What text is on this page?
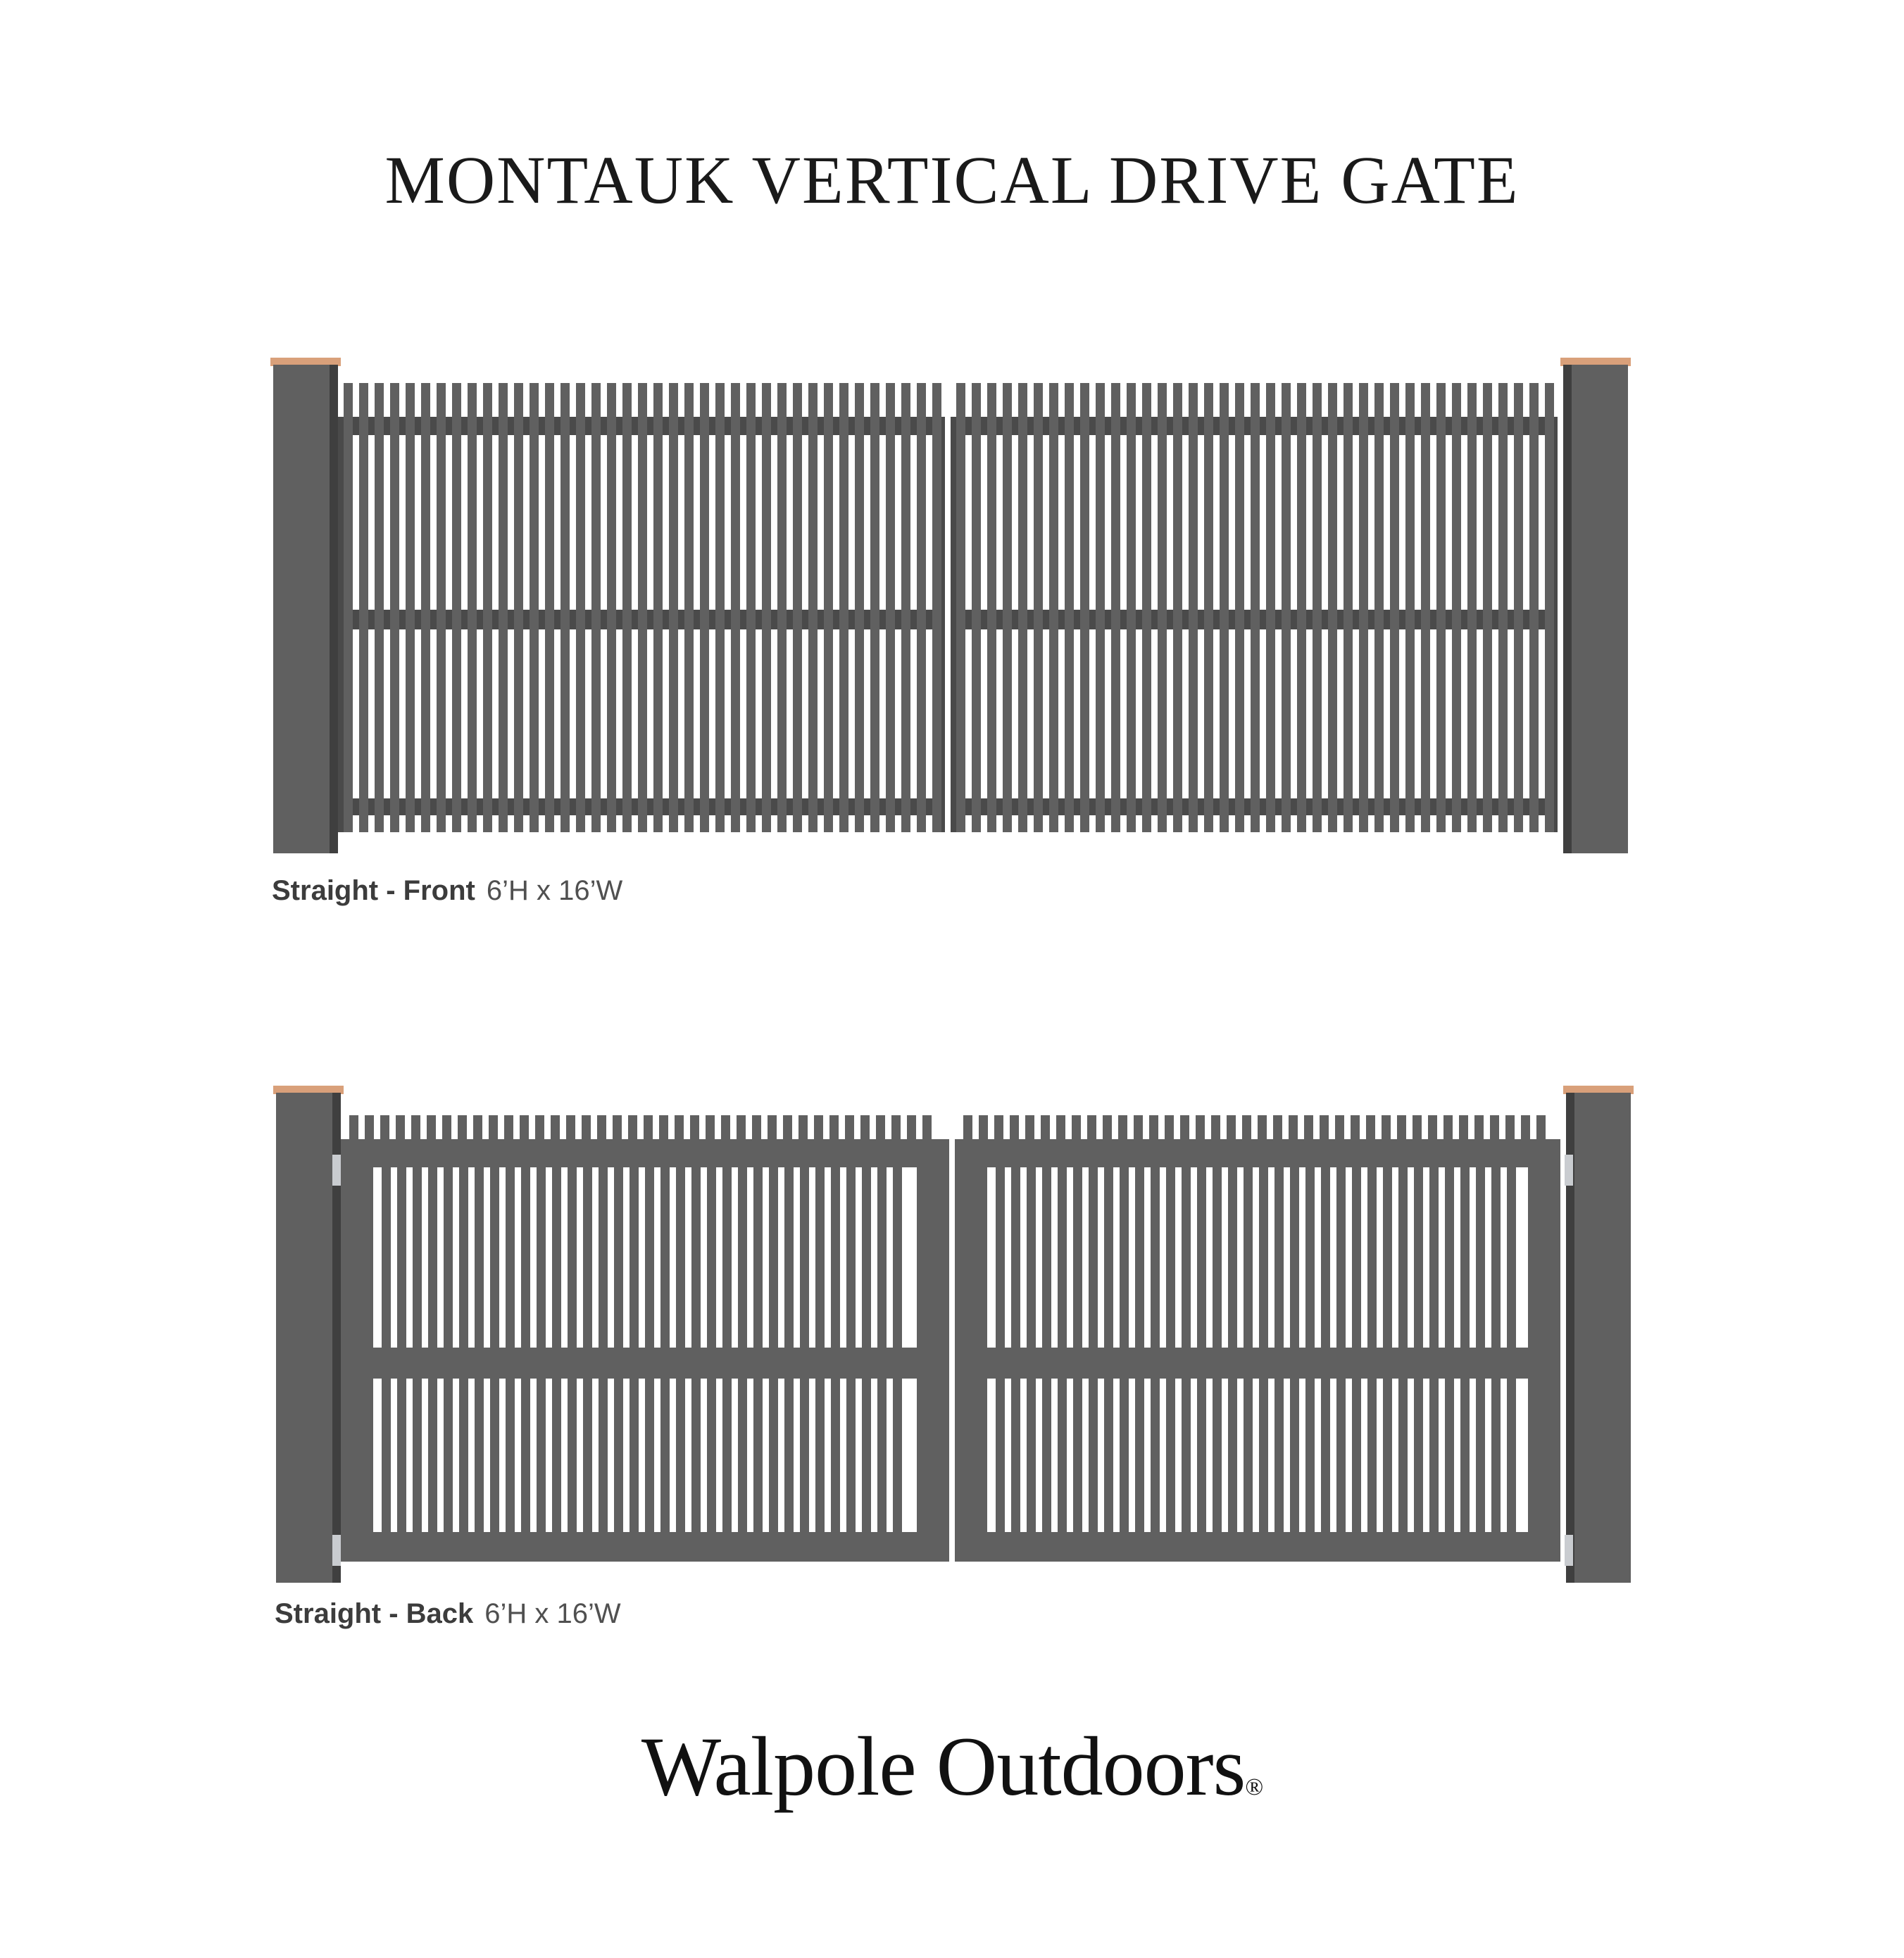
MONTAUK VERTICAL DRIVE GATE
Straight - Front 6’H x 16’W
Straight - Back 6’H x 16’W
Walpole Outdoors®
